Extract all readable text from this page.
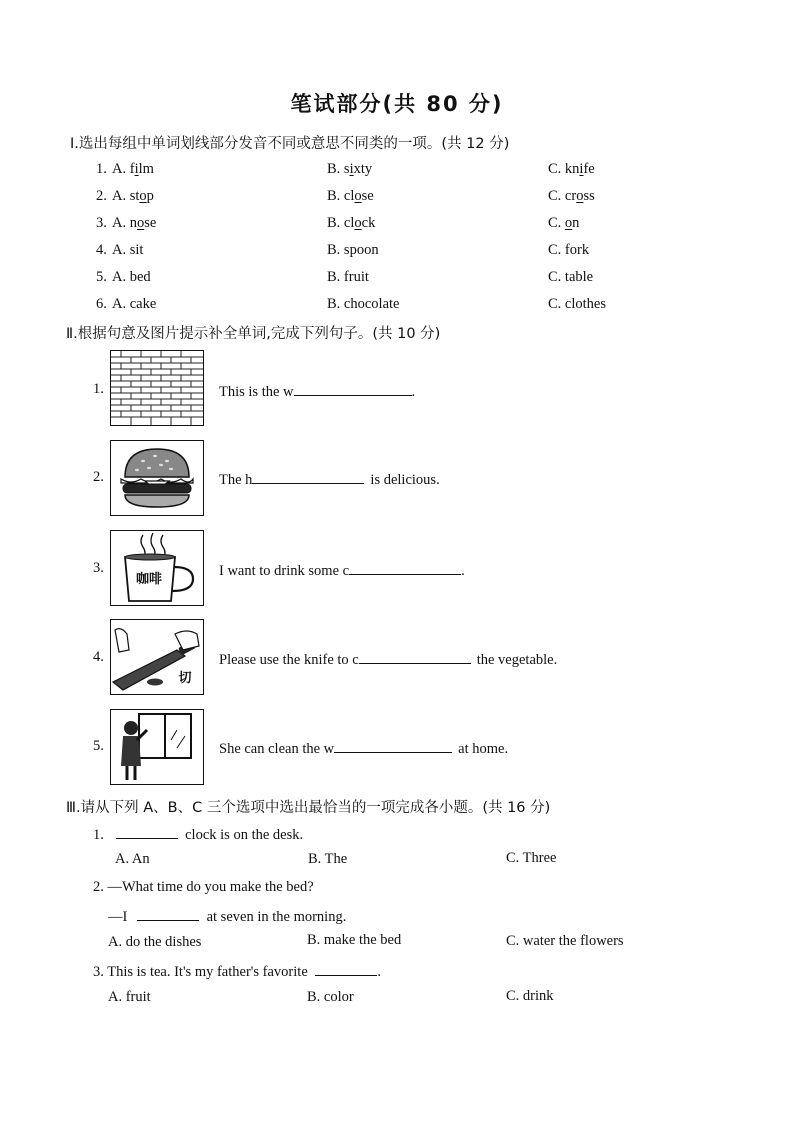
笔试部分(共 80 分)
Ⅰ.选出每组中单词划线部分发音不同或意思不同类的一项。(共 12 分)
1. A. film	B. sixty	C. knife
2. A. stop	B. close	C. cross
3. A. nose	B. clock	C. on
4. A. sit	B. spoon	C. fork
5. A. bed	B. fruit	C. table
6. A. cake	B. chocolate	C. clothes
Ⅱ.根据句意及图片提示补全单词,完成下列句子。(共 10 分)
咖啡
切
1.	This is the w	.
2.	The h	is delicious.
3.	I want to drink some c	.
4.	Please use the knife to c	the vegetable.
5.	She can clean the w	at home.
Ⅲ.请从下列 A、B、C 三个选项中选出最恰当的一项完成各小题。(共 16 分)
1.	clock is on the desk.
A. An	B. The	C. Three
2. —What time do you make the bed?
—I	at seven in the morning.
A. do the dishes	B. make the bed	C. water the flowers
3. This is tea. It's my father's favorite	.
A. fruit	B. color	C. drink
